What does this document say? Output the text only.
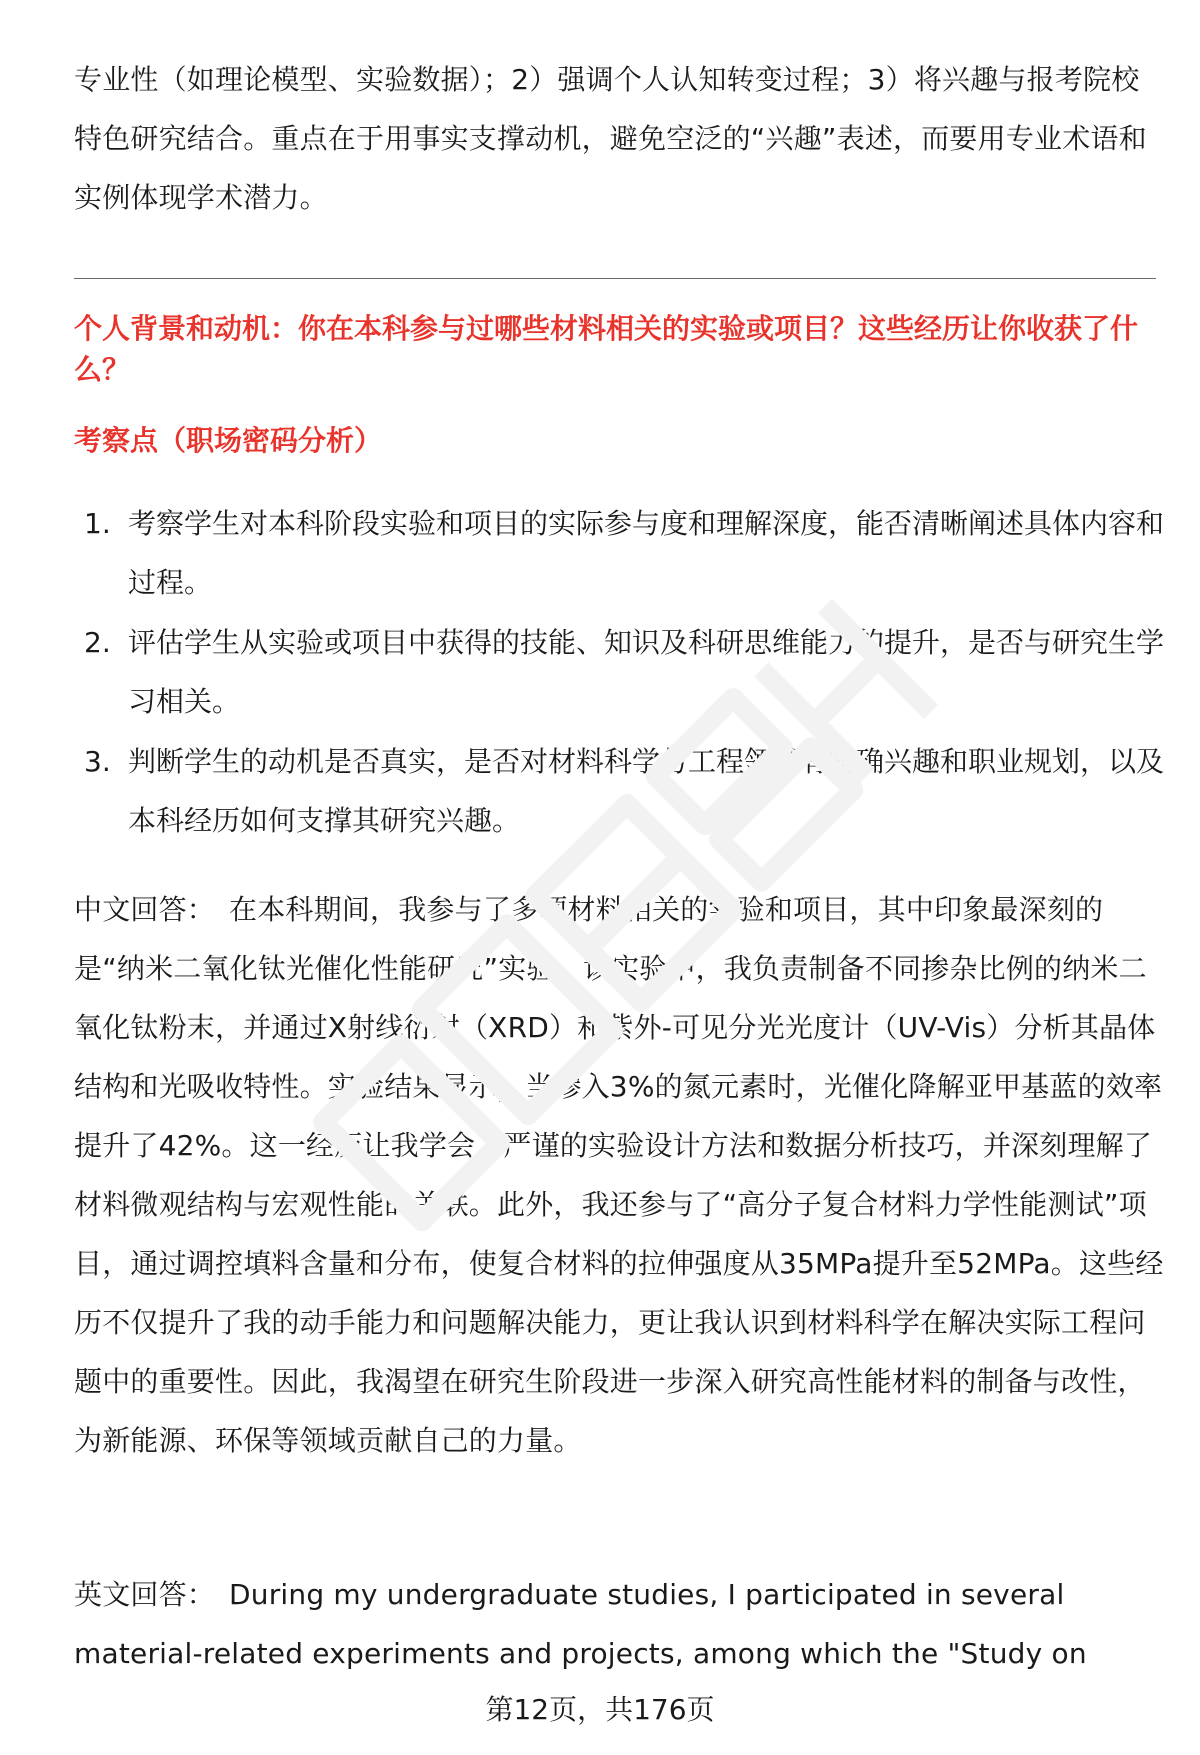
专业性（如理论模型、实验数据）；2）强调个人认知转变过程；3）将兴趣与报考院校特色研究结合。重点在于用事实支撑动机，避免空泛的“兴趣”表述，而要用专业术语和实例体现学术潜力。

个人背景和动机：你在本科参与过哪些材料相关的实验或项目？这些经历让你收获了什么？
考察点（职场密码分析）
1. 考察学生对本科阶段实验和项目的实际参与度和理解深度，能否清晰阐述具体内容和过程。
2. 评估学生从实验或项目中获得的技能、知识及科研思维能力的提升，是否与研究生学习相关。
3. 判断学生的动机是否真实，是否对材料科学与工程领域有明确兴趣和职业规划，以及本科经历如何支撑其研究兴趣。

中文回答： 在本科期间，我参与了多项材料相关的实验和项目，其中印象最深刻的是“纳米二氧化钛光催化性能研究”实验。该实验中，我负责制备不同掺杂比例的纳米二氧化钛粉末，并通过X射线衍射（XRD）和紫外-可见分光光度计（UV-Vis）分析其晶体结构和光吸收特性。实验结果显示，当掺入3%的氮元素时，光催化降解亚甲基蓝的效率提升了42%。这一经历让我学会了严谨的实验设计方法和数据分析技巧，并深刻理解了材料微观结构与宏观性能的关联。此外，我还参与了“高分子复合材料力学性能测试”项目，通过调控填料含量和分布，使复合材料的拉伸强度从35MPa提升至52MPa。这些经历不仅提升了我的动手能力和问题解决能力，更让我认识到材料科学在解决实际工程问题中的重要性。因此，我渴望在研究生阶段进一步深入研究高性能材料的制备与改性，为新能源、环保等领域贡献自己的力量。

英文回答： During my undergraduate studies, I participated in several material-related experiments and projects, among which the "Study on

第12页，共176页
